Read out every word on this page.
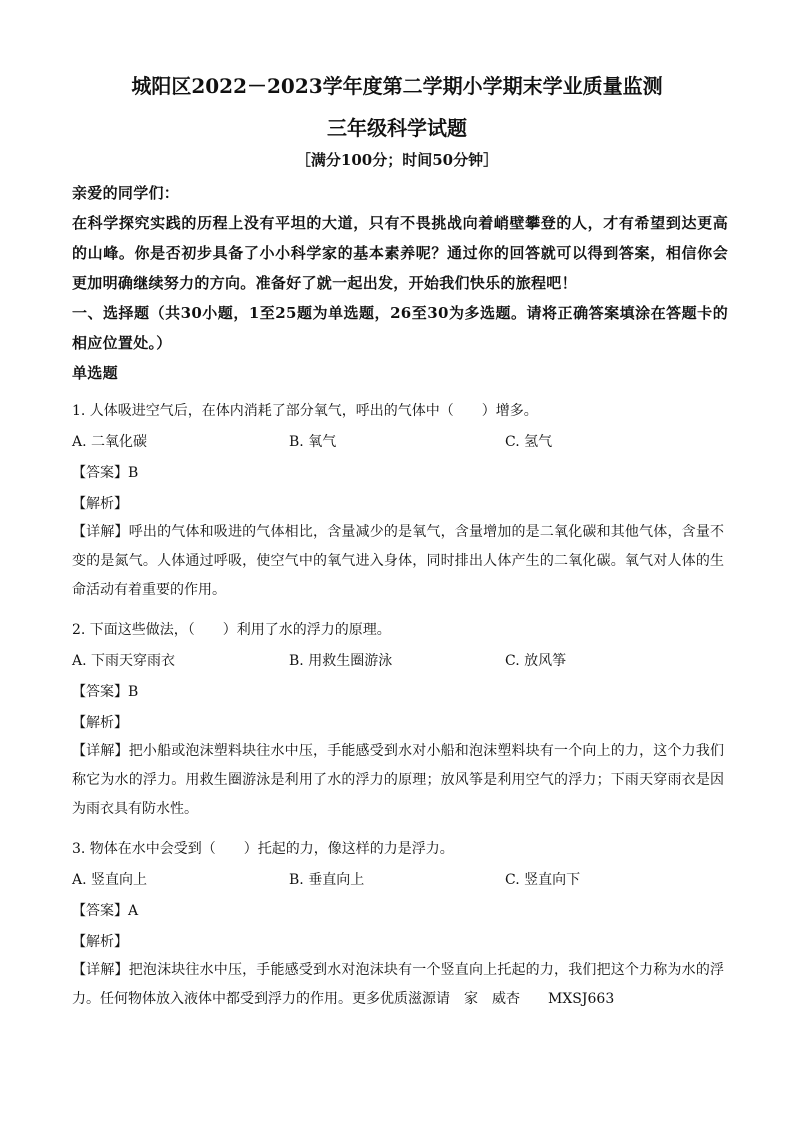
城阳区2022－2023学年度第二学期小学期末学业质量监测
三年级科学试题
［满分100分；时间50分钟］

亲爱的同学们：

在科学探究实践的历程上没有平坦的大道，只有不畏挑战向着峭壁攀登的人，才有希望到达更高的山峰。你是否初步具备了小小科学家的基本素养呢？通过你的回答就可以得到答案，相信你会更加明确继续努力的方向。准备好了就一起出发，开始我们快乐的旅程吧！

一、选择题（共30小题，1至25题为单选题，26至30为多选题。请将正确答案填涂在答题卡的相应位置处。）

单选题

1. 人体吸进空气后，在体内消耗了部分氧气，呼出的气体中（　　）增多。
A. 二氧化碳	B. 氧气	C. 氢气
【答案】B
【解析】
【详解】呼出的气体和吸进的气体相比，含量减少的是氧气，含量增加的是二氧化碳和其他气体，含量不变的是氮气。人体通过呼吸，使空气中的氧气进入身体，同时排出人体产生的二氧化碳。氧气对人体的生命活动有着重要的作用。
2. 下面这些做法，（　　）利用了水的浮力的原理。
A. 下雨天穿雨衣	B. 用救生圈游泳	C. 放风筝
【答案】B
【解析】
【详解】把小船或泡沫塑料块往水中压，手能感受到水对小船和泡沫塑料块有一个向上的力，这个力我们称它为水的浮力。用救生圈游泳是利用了水的浮力的原理；放风筝是利用空气的浮力；下雨天穿雨衣是因为雨衣具有防水性。
3. 物体在水中会受到（　　）托起的力，像这样的力是浮力。
A. 竖直向上	B. 垂直向上	C. 竖直向下
【答案】A
【解析】
【详解】把泡沫块往水中压，手能感受到水对泡沫块有一个竖直向上托起的力，我们把这个力称为水的浮力。任何物体放入液体中都受到浮力的作用。更多优质滋源请　家　威杏　　MXSJ663
